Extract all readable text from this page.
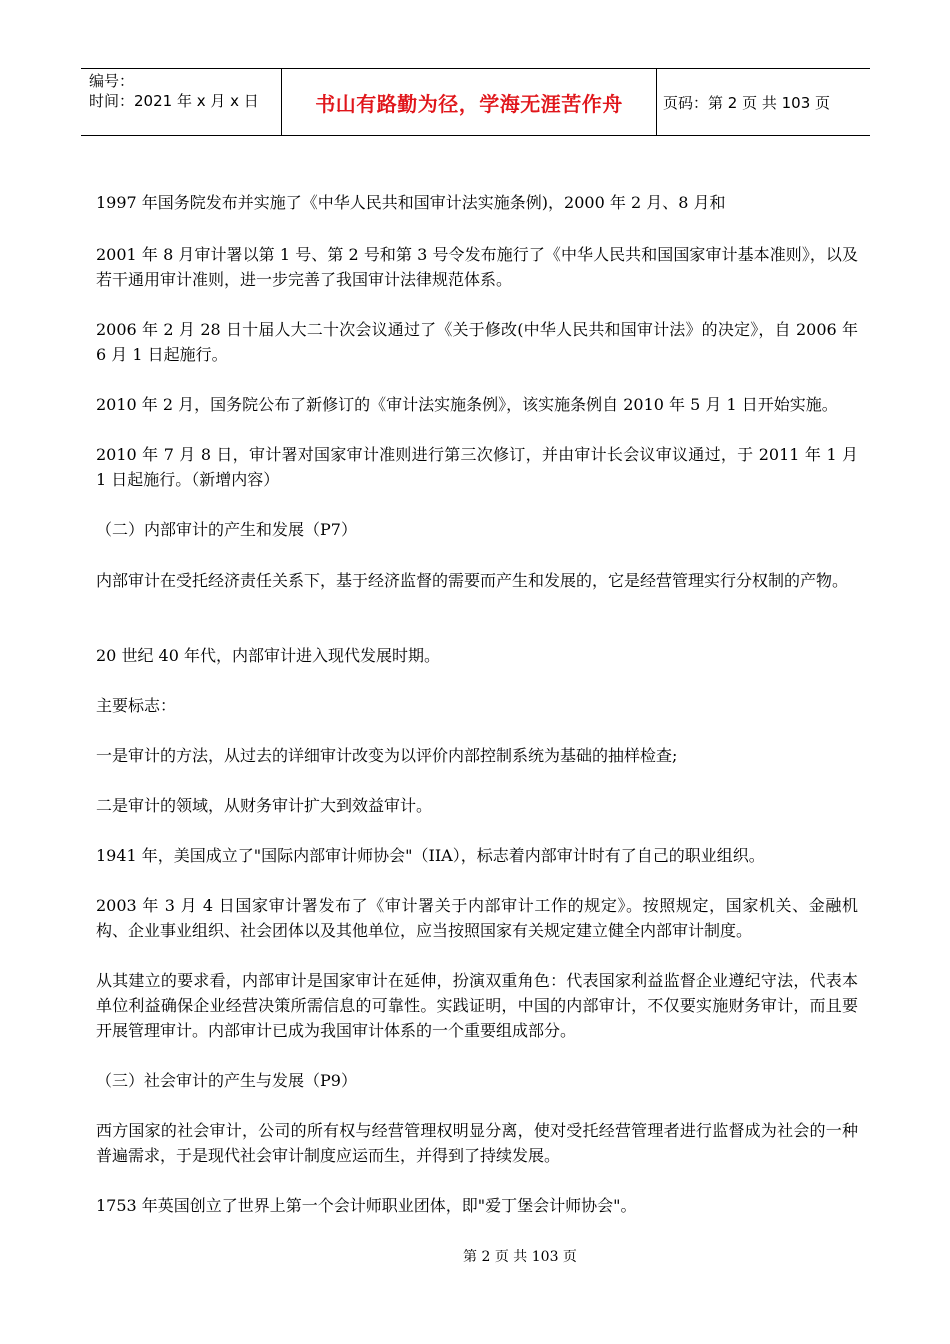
编号：
时间：2021 年 x 月 x 日	书山有路勤为径，学海无涯苦作舟	页码：第 2 页 共 103 页

1997 年国务院发布并实施了《中华人民共和国审计法实施条例)，2000 年 2 月、8 月和

2001 年 8 月审计署以第 1 号、第 2 号和第 3 号令发布施行了《中华人民共和国国家审计基本准则》，以及若干通用审计准则，进一步完善了我国审计法律规范体系。

2006 年 2 月 28 日十届人大二十次会议通过了《关于修改(中华人民共和国审计法》的决定》，自 2006 年 6 月 1 日起施行。

2010 年 2 月，国务院公布了新修订的《审计法实施条例》，该实施条例自 2010 年 5 月 1 日开始实施。

2010 年 7 月 8 日，审计署对国家审计准则进行第三次修订，并由审计长会议审议通过，于 2011 年 1 月 1 日起施行。（新增内容）

（二）内部审计的产生和发展（P7）

内部审计在受托经济责任关系下，基于经济监督的需要而产生和发展的，它是经营管理实行分权制的产物。

20 世纪 40 年代，内部审计进入现代发展时期。

主要标志：

一是审计的方法，从过去的详细审计改变为以评价内部控制系统为基础的抽样检查;

二是审计的领域，从财务审计扩大到效益审计。

1941 年，美国成立了"国际内部审计师协会"（IIA），标志着内部审计时有了自己的职业组织。

2003 年 3 月 4 日国家审计署发布了《审计署关于内部审计工作的规定》。按照规定，国家机关、金融机构、企业事业组织、社会团体以及其他单位，应当按照国家有关规定建立健全内部审计制度。

从其建立的要求看，内部审计是国家审计在延伸，扮演双重角色：代表国家利益监督企业遵纪守法，代表本单位利益确保企业经营决策所需信息的可靠性。实践证明，中国的内部审计，不仅要实施财务审计，而且要开展管理审计。内部审计已成为我国审计体系的一个重要组成部分。

（三）社会审计的产生与发展（P9）

西方国家的社会审计，公司的所有权与经营管理权明显分离，使对受托经营管理者进行监督成为社会的一种普遍需求，于是现代社会审计制度应运而生，并得到了持续发展。

1753 年英国创立了世界上第一个会计师职业团体，即"爱丁堡会计师协会"。

第 2 页 共 103 页
